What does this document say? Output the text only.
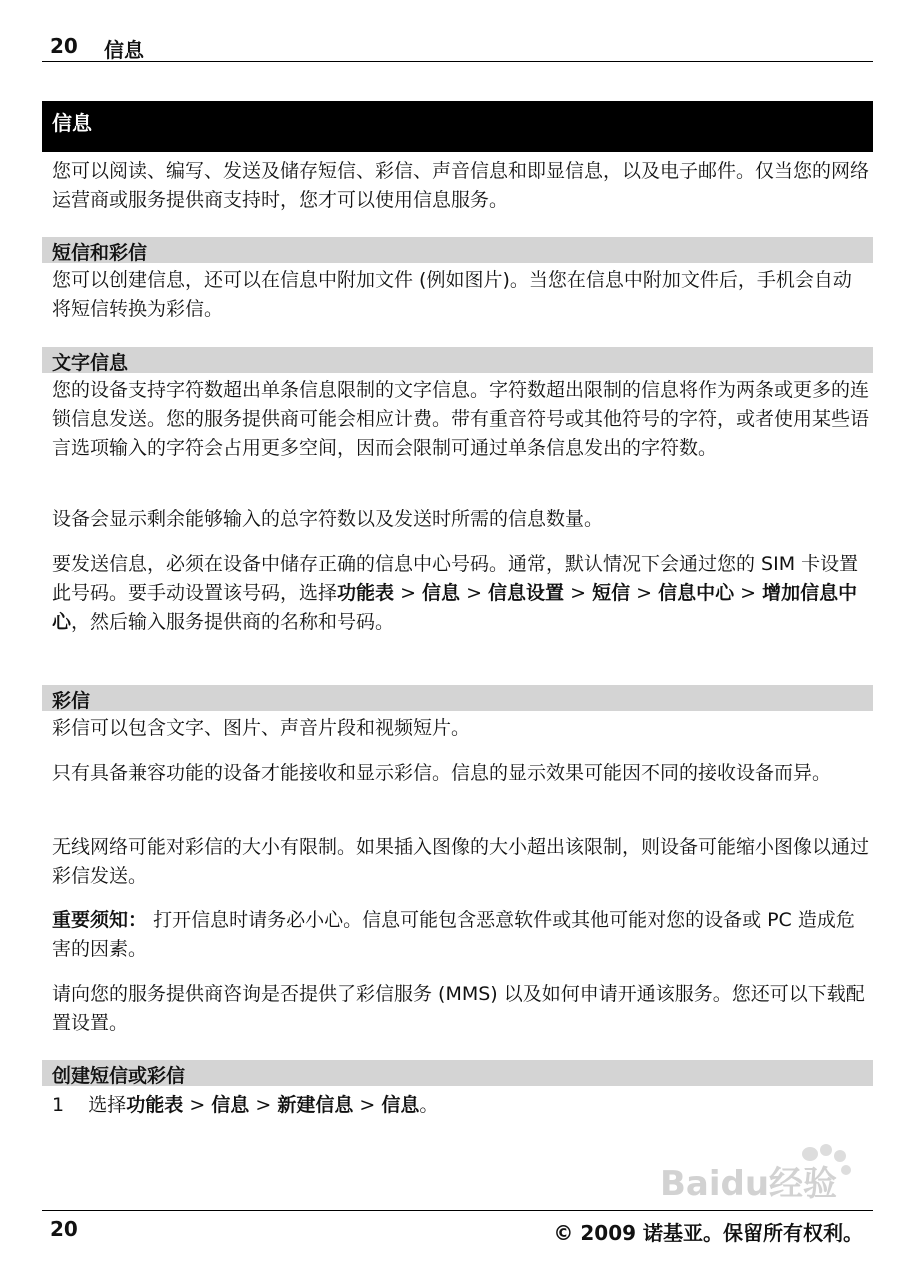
20 信息
信息

您可以阅读、编写、发送及储存短信、彩信、声音信息和即显信息，以及电子邮件。仅当您的网络运营商或服务提供商支持时，您才可以使用信息服务。

短信和彩信

您可以创建信息，还可以在信息中附加文件 (例如图片)。当您在信息中附加文件后，手机会自动将短信转换为彩信。

文字信息

您的设备支持字符数超出单条信息限制的文字信息。字符数超出限制的信息将作为两条或更多的连锁信息发送。您的服务提供商可能会相应计费。带有重音符号或其他符号的字符，或者使用某些语言选项输入的字符会占用更多空间，因而会限制可通过单条信息发出的字符数。

设备会显示剩余能够输入的总字符数以及发送时所需的信息数量。

要发送信息，必须在设备中储存正确的信息中心号码。通常，默认情况下会通过您的 SIM 卡设置此号码。要手动设置该号码，选择功能表 > 信息 > 信息设置 > 短信 > 信息中心 > 增加信息中心，然后输入服务提供商的名称和号码。

彩信

彩信可以包含文字、图片、声音片段和视频短片。

只有具备兼容功能的设备才能接收和显示彩信。信息的显示效果可能因不同的接收设备而异。

无线网络可能对彩信的大小有限制。如果插入图像的大小超出该限制，则设备可能缩小图像以通过彩信发送。

重要须知： 打开信息时请务必小心。信息可能包含恶意软件或其他可能对您的设备或 PC 造成危害的因素。

请向您的服务提供商咨询是否提供了彩信服务 (MMS) 以及如何申请开通该服务。您还可以下载配置设置。

创建短信或彩信

1 选择功能表 > 信息 > 新建信息 > 信息。

Baidu经验
20	© 2009 诺基亚。保留所有权利。
